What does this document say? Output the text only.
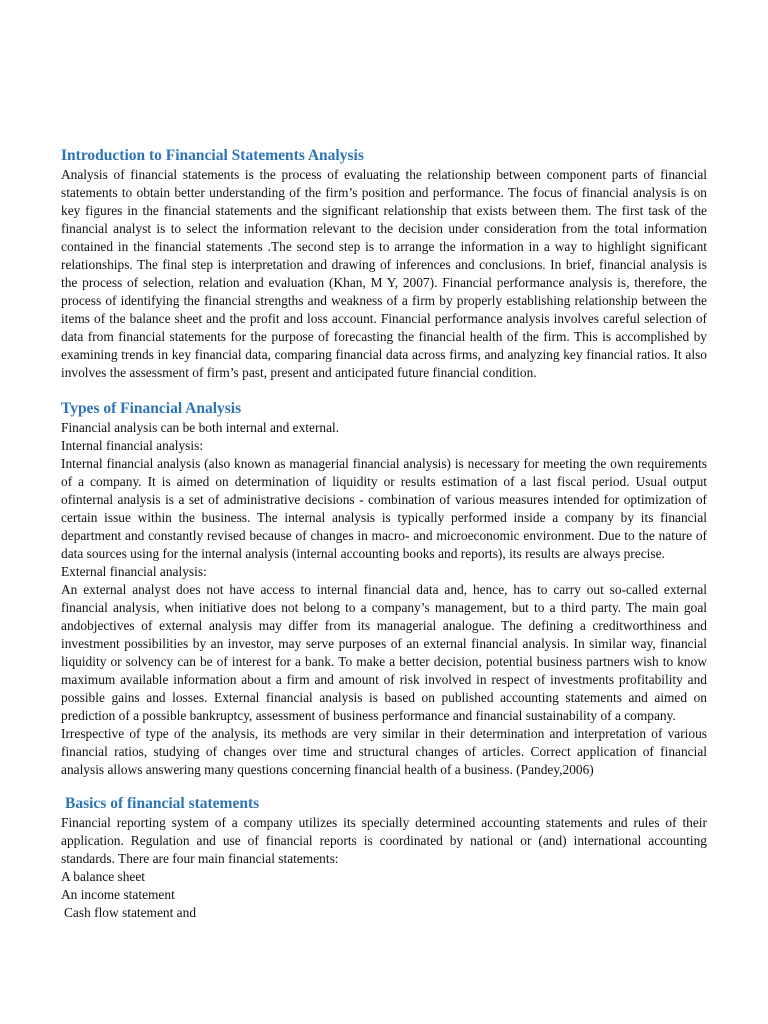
Introduction to Financial Statements Analysis

Analysis of financial statements is the process of evaluating the relationship between component parts of financial statements to obtain better understanding of the firm’s position and performance. The focus of financial analysis is on key figures in the financial statements and the significant relationship that exists between them. The first task of the financial analyst is to select the information relevant to the decision under consideration from the total information contained in the financial statements .The second step is to arrange the information in a way to highlight significant relationships. The final step is interpretation and drawing of inferences and conclusions. In brief, financial analysis is the process of selection, relation and evaluation (Khan, M Y, 2007). Financial performance analysis is, therefore, the process of identifying the financial strengths and weakness of a firm by properly establishing relationship between the items of the balance sheet and the profit and loss account. Financial performance analysis involves careful selection of data from financial statements for the purpose of forecasting the financial health of the firm. This is accomplished by examining trends in key financial data, comparing financial data across firms, and analyzing key financial ratios. It also involves the assessment of firm’s past, present and anticipated future financial condition.

Types of Financial Analysis

Financial analysis can be both internal and external.

Internal financial analysis:

Internal financial analysis (also known as managerial financial analysis) is necessary for meeting the own requirements of a company. It is aimed on determination of liquidity or results estimation of a last fiscal period. Usual output ofinternal analysis is a set of administrative decisions - combination of various measures intended for optimization of certain issue within the business. The internal analysis is typically performed inside a company by its financial department and constantly revised because of changes in macro- and microeconomic environment. Due to the nature of data sources using for the internal analysis (internal accounting books and reports), its results are always precise.

External financial analysis:

An external analyst does not have access to internal financial data and, hence, has to carry out so-called external financial analysis, when initiative does not belong to a company’s management, but to a third party. The main goal andobjectives of external analysis may differ from its managerial analogue. The defining a creditworthiness and investment possibilities by an investor, may serve purposes of an external financial analysis. In similar way, financial liquidity or solvency can be of interest for a bank. To make a better decision, potential business partners wish to know maximum available information about a firm and amount of risk involved in respect of investments profitability and possible gains and losses. External financial analysis is based on published accounting statements and aimed on prediction of a possible bankruptcy, assessment of business performance and financial sustainability of a company.

Irrespective of type of the analysis, its methods are very similar in their determination and interpretation of various financial ratios, studying of changes over time and structural changes of articles. Correct application of financial analysis allows answering many questions concerning financial health of a business. (Pandey,2006)

Basics of financial statements

Financial reporting system of a company utilizes its specially determined accounting statements and rules of their application. Regulation and use of financial reports is coordinated by national or (and) international accounting standards. There are four main financial statements:

A balance sheet

An income statement

Cash flow statement and
